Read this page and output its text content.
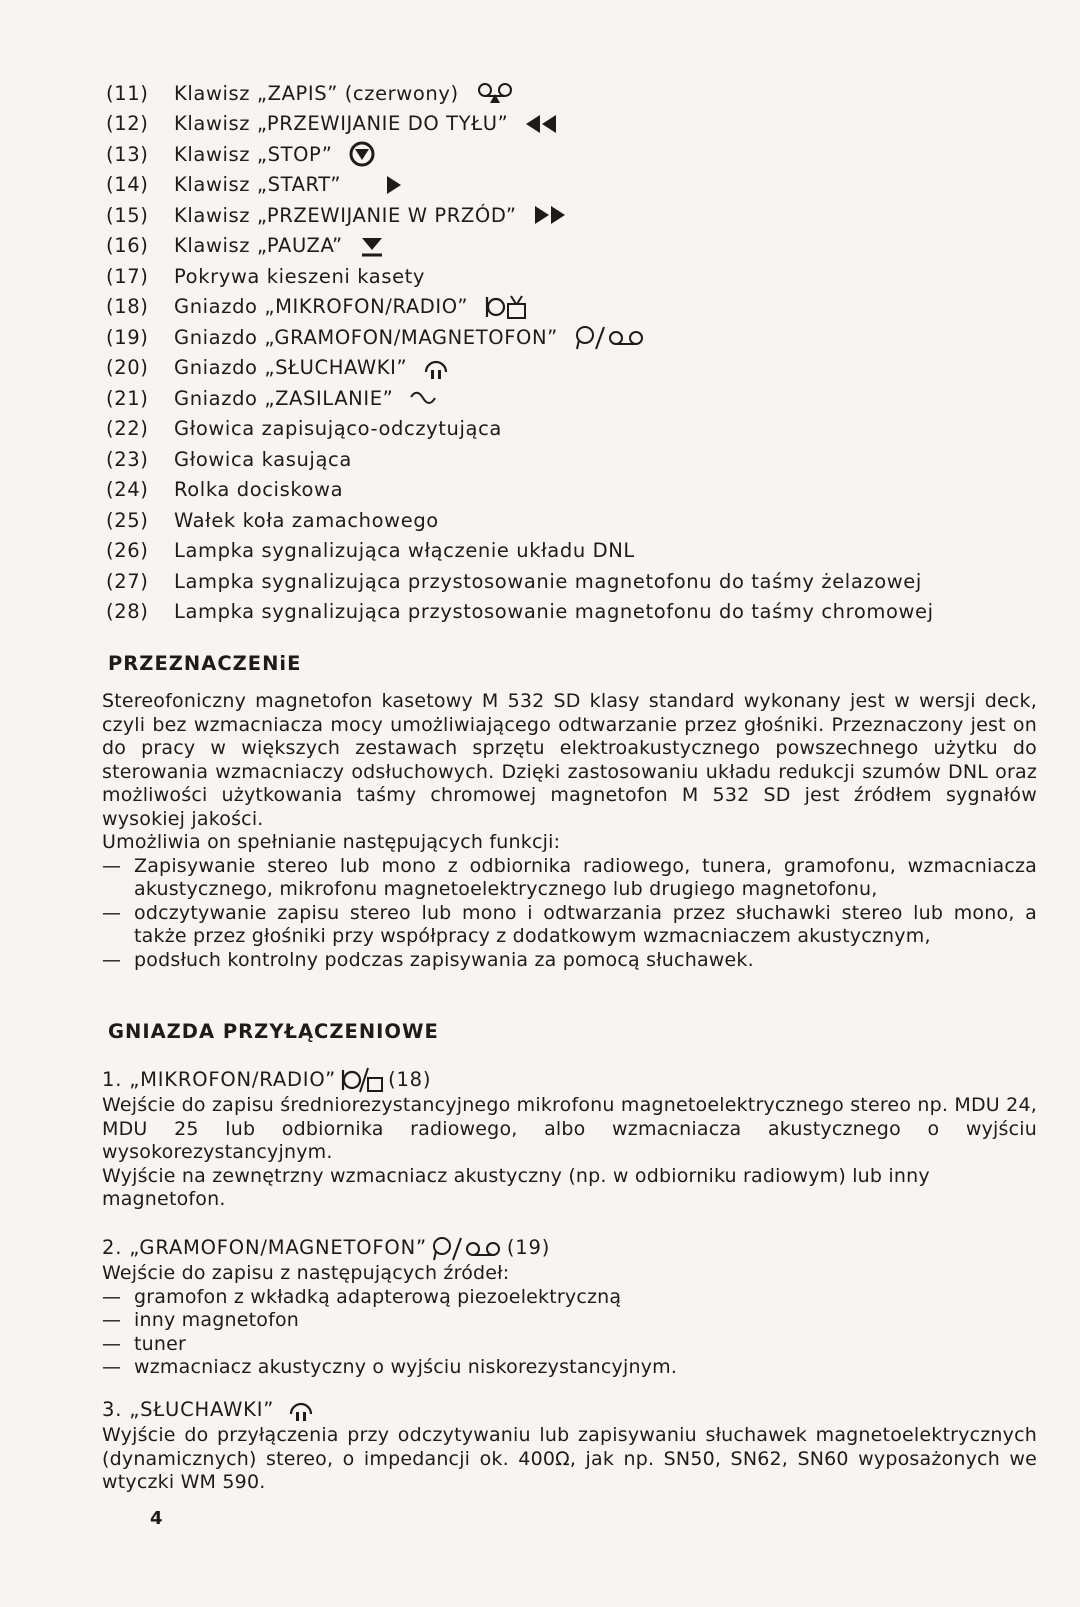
(11)	Klawisz „ZAPIS” (czerwony)
(12)	Klawisz „PRZEWIJANIE DO TYŁU”
(13)	Klawisz „STOP”
(14)	Klawisz „START”
(15)	Klawisz „PRZEWIJANIE W PRZÓD”
(16)	Klawisz „PAUZA”
(17)	Pokrywa kieszeni kasety
(18)	Gniazdo „MIKROFON/RADIO”
(19)	Gniazdo „GRAMOFON/MAGNETOFON”
(20)	Gniazdo „SŁUCHAWKI”
(21)	Gniazdo „ZASILANIE”
(22)	Głowica zapisująco-odczytująca
(23)	Głowica kasująca
(24)	Rolka dociskowa
(25)	Wałek koła zamachowego
(26)	Lampka sygnalizująca włączenie układu DNL
(27)	Lampka sygnalizująca przystosowanie magnetofonu do taśmy żelazowej
(28)	Lampka sygnalizująca przystosowanie magnetofonu do taśmy chromowej
PRZEZNACZENiE

Stereofoniczny magnetofon kasetowy M 532 SD klasy standard wykonany jest w wersji deck, czyli bez wzmacniacza mocy umożliwiającego odtwarzanie przez głośniki. Przeznaczony jest on do pracy w większych zestawach sprzętu elektroakustycznego powszechnego użytku do sterowania wzmacniaczy odsłuchowych. Dzięki zastosowaniu układu redukcji szumów DNL oraz możliwości użytkowania taśmy chromowej magnetofon M 532 SD jest źródłem sygnałów wysokiej jakości.

Umożliwia on spełnianie następujących funkcji:

— Zapisywanie stereo lub mono z odbiornika radiowego, tunera, gramofonu, wzmacniacza akustycznego, mikrofonu magnetoelektrycznego lub drugiego magnetofonu,
— odczytywanie zapisu stereo lub mono i odtwarzania przez słuchawki stereo lub mono, a także przez głośniki przy współpracy z dodatkowym wzmacniaczem akustycznym,
— podsłuch kontrolny podczas zapisywania za pomocą słuchawek.
GNIAZDA PRZYŁĄCZENIOWE
1. „MIKROFON/RADIO”	(18)

Wejście do zapisu średniorezystancyjnego mikrofonu magnetoelektrycznego stereo np. MDU 24, MDU 25 lub odbiornika radiowego, albo wzmacniacza akustycznego o wyjściu wysokorezystancyjnym.

Wyjście na zewnętrzny wzmacniacz akustyczny (np. w odbiorniku radiowym) lub inny magnetofon.

2. „GRAMOFON/MAGNETOFON”	(19)

Wejście do zapisu z następujących źródeł:

— gramofon z wkładką adapterową piezoelektryczną
— inny magnetofon
— tuner
— wzmacniacz akustyczny o wyjściu niskorezystancyjnym.
3. „SŁUCHAWKI”

Wyjście do przyłączenia przy odczytywaniu lub zapisywaniu słuchawek magnetoelektrycznych (dynamicznych) stereo, o impedancji ok. 400Ω, jak np. SN50, SN62, SN60 wyposażonych we wtyczki WM 590.

4
